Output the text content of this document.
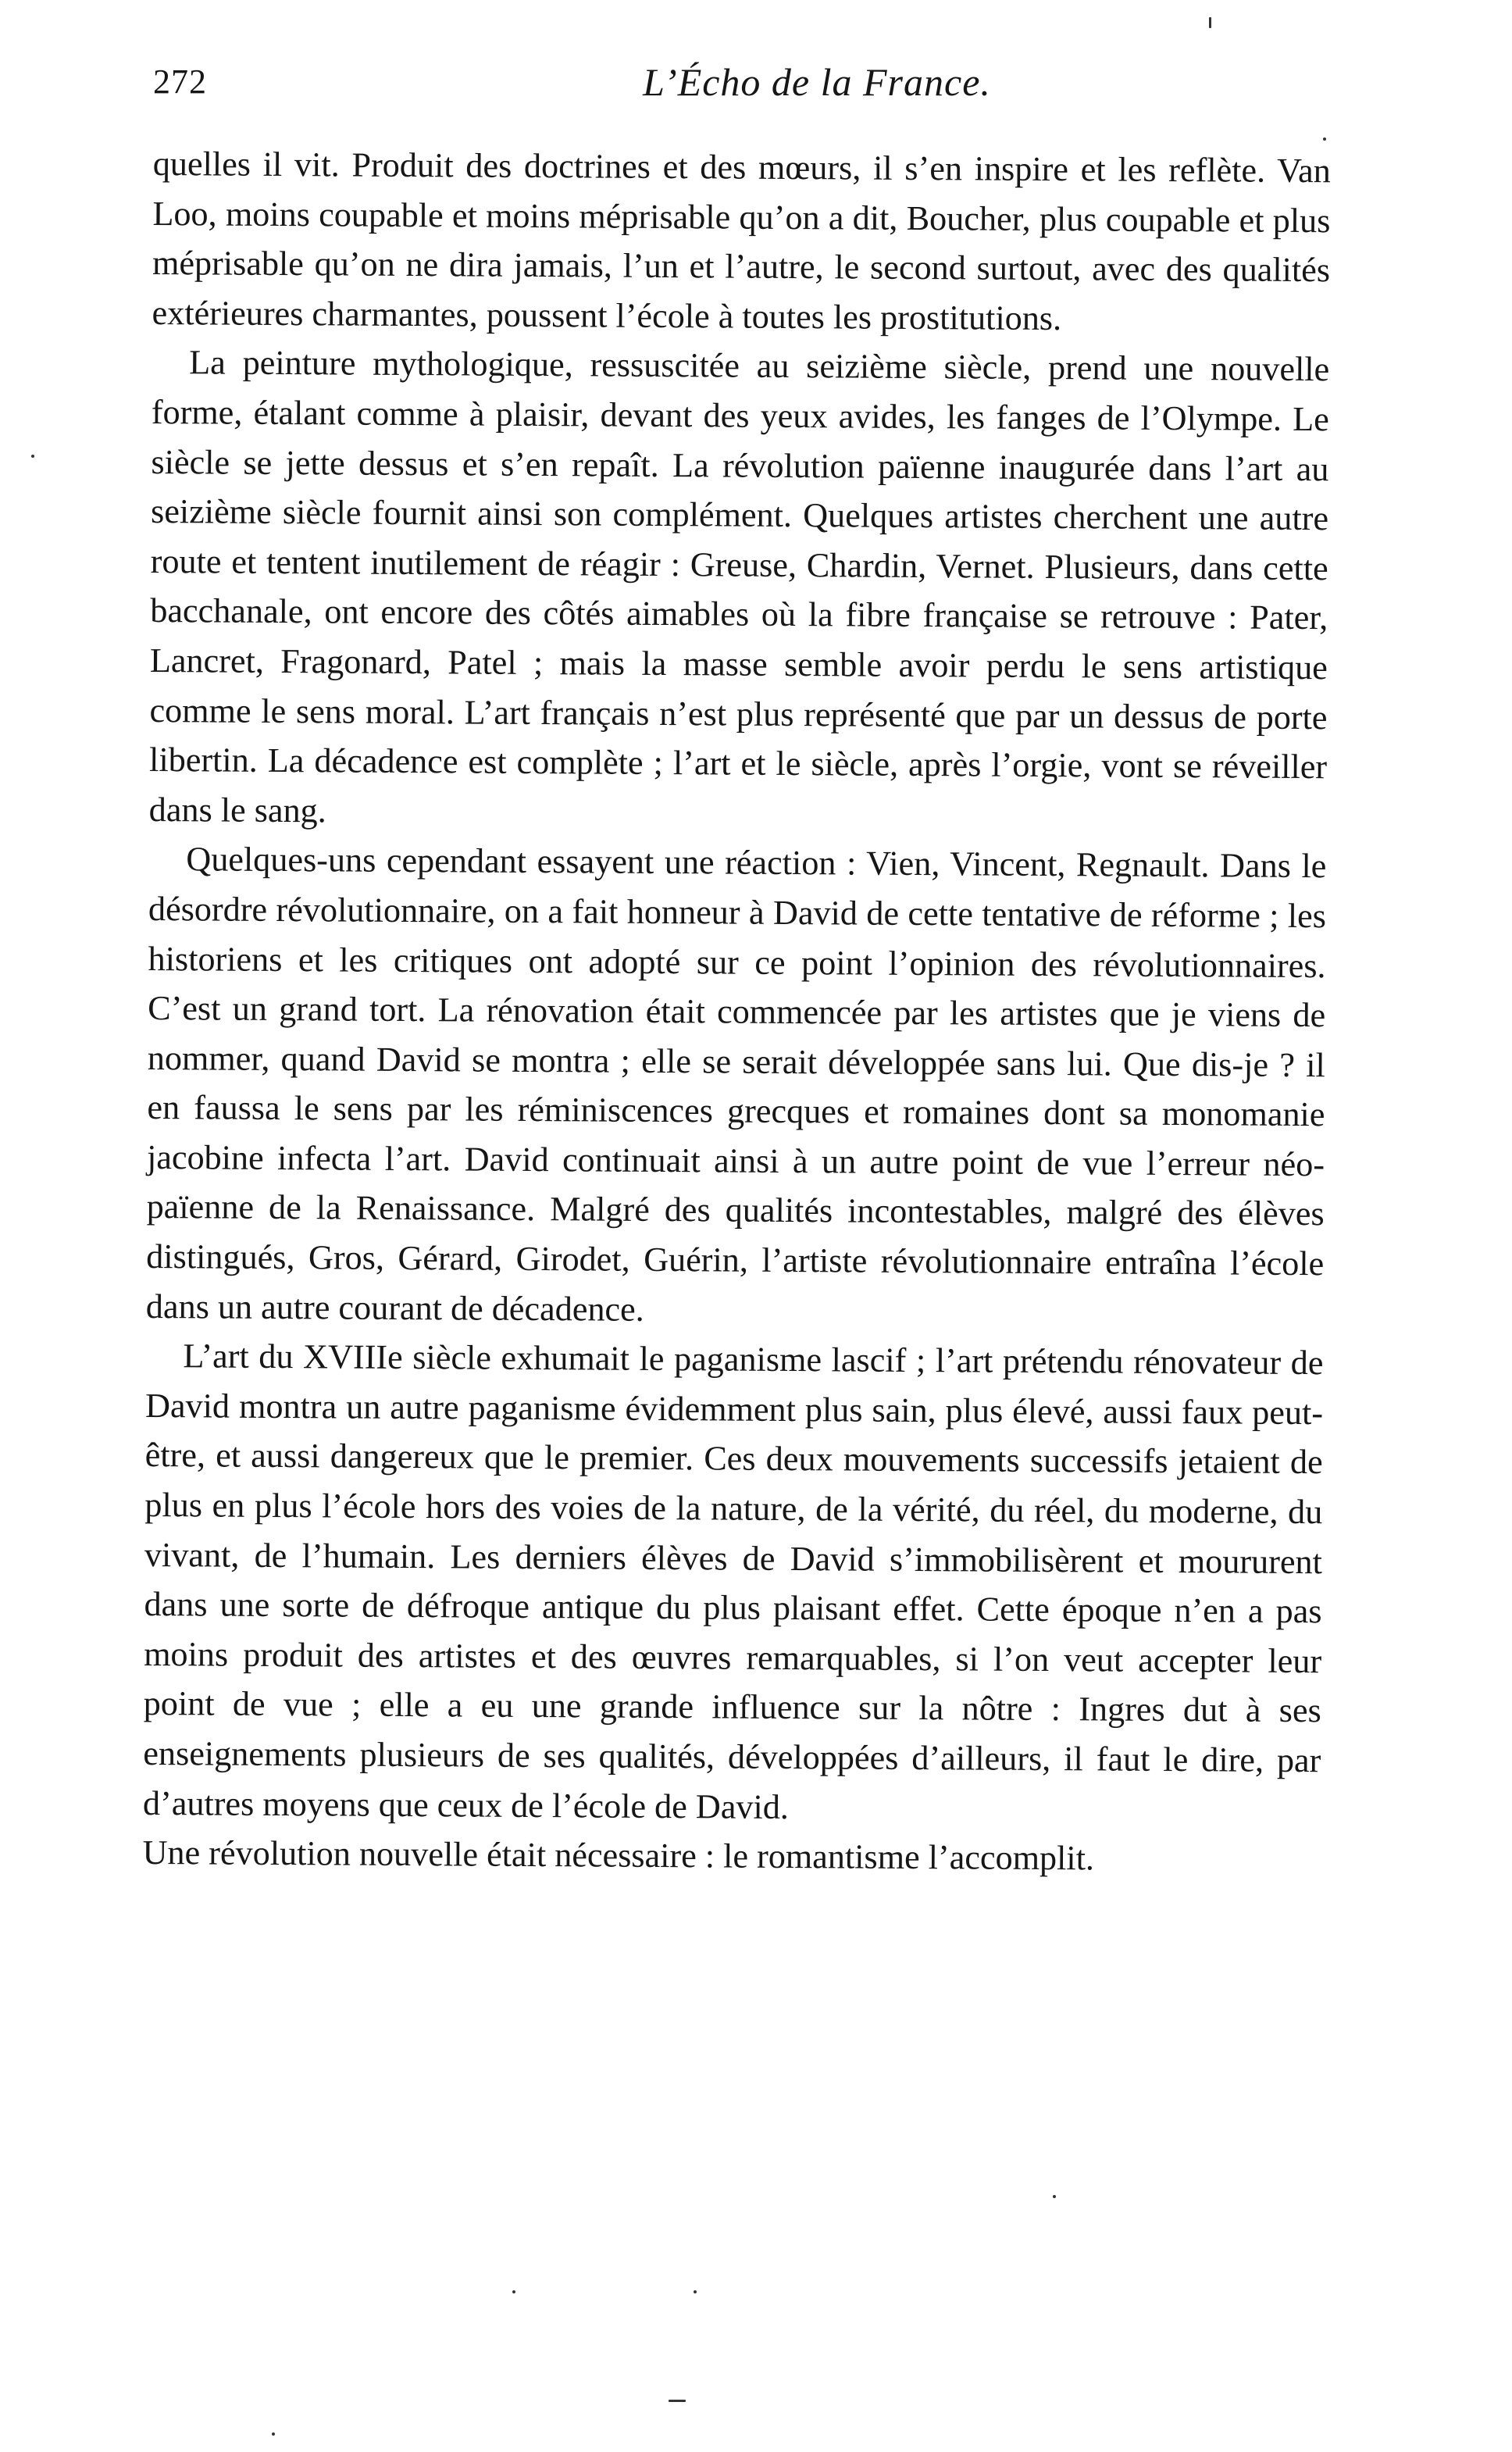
272	L’Écho de la France.

quelles il vit. Produit des doctrines et des mœurs, il s’en inspire et les reflète. Van Loo, moins coupable et moins méprisable qu’on a dit, Boucher, plus coupable et plus méprisable qu’on ne dira jamais, l’un et l’autre, le second surtout, avec des qualités extérieures charmantes, poussent l’école à toutes les prostitutions.

La peinture mythologique, ressuscitée au seizième siècle, prend une nouvelle forme, étalant comme à plaisir, devant des yeux avides, les fanges de l’Olympe. Le siècle se jette dessus et s’en repaît. La révolution païenne inaugurée dans l’art au seizième siècle fournit ainsi son complément. Quelques artistes cherchent une autre route et tentent inutilement de réagir : Greuse, Chardin, Vernet. Plusieurs, dans cette bacchanale, ont encore des côtés aimables où la fibre française se retrouve : Pater, Lancret, Fragonard, Patel ; mais la masse semble avoir perdu le sens artistique comme le sens moral. L’art français n’est plus représenté que par un dessus de porte libertin. La décadence est complète ; l’art et le siècle, après l’orgie, vont se réveiller dans le sang.

Quelques-uns cependant essayent une réaction : Vien, Vincent, Regnault. Dans le désordre révolutionnaire, on a fait honneur à David de cette tentative de réforme ; les historiens et les critiques ont adopté sur ce point l’opinion des révolutionnaires. C’est un grand tort. La rénovation était commencée par les artistes que je viens de nommer, quand David se montra ; elle se serait développée sans lui. Que dis-je ? il en faussa le sens par les réminiscences grecques et romaines dont sa monomanie jacobine infecta l’art. David continuait ainsi à un autre point de vue l’erreur néo-païenne de la Renaissance. Malgré des qualités incontestables, malgré des élèves distingués, Gros, Gérard, Girodet, Guérin, l’artiste révolutionnaire entraîna l’école dans un autre courant de décadence.

L’art du XVIIIe siècle exhumait le paganisme lascif ; l’art prétendu rénovateur de David montra un autre paganisme évidemment plus sain, plus élevé, aussi faux peut-être, et aussi dangereux que le premier. Ces deux mouvements successifs jetaient de plus en plus l’école hors des voies de la nature, de la vérité, du réel, du moderne, du vivant, de l’humain. Les derniers élèves de David s’immobilisèrent et moururent dans une sorte de défroque antique du plus plaisant effet. Cette époque n’en a pas moins produit des artistes et des œuvres remarquables, si l’on veut accepter leur point de vue ; elle a eu une grande influence sur la nôtre : Ingres dut à ses enseignements plusieurs de ses qualités, développées d’ailleurs, il faut le dire, par d’autres moyens que ceux de l’école de David.

Une révolution nouvelle était nécessaire : le romantisme l’accomplit.
